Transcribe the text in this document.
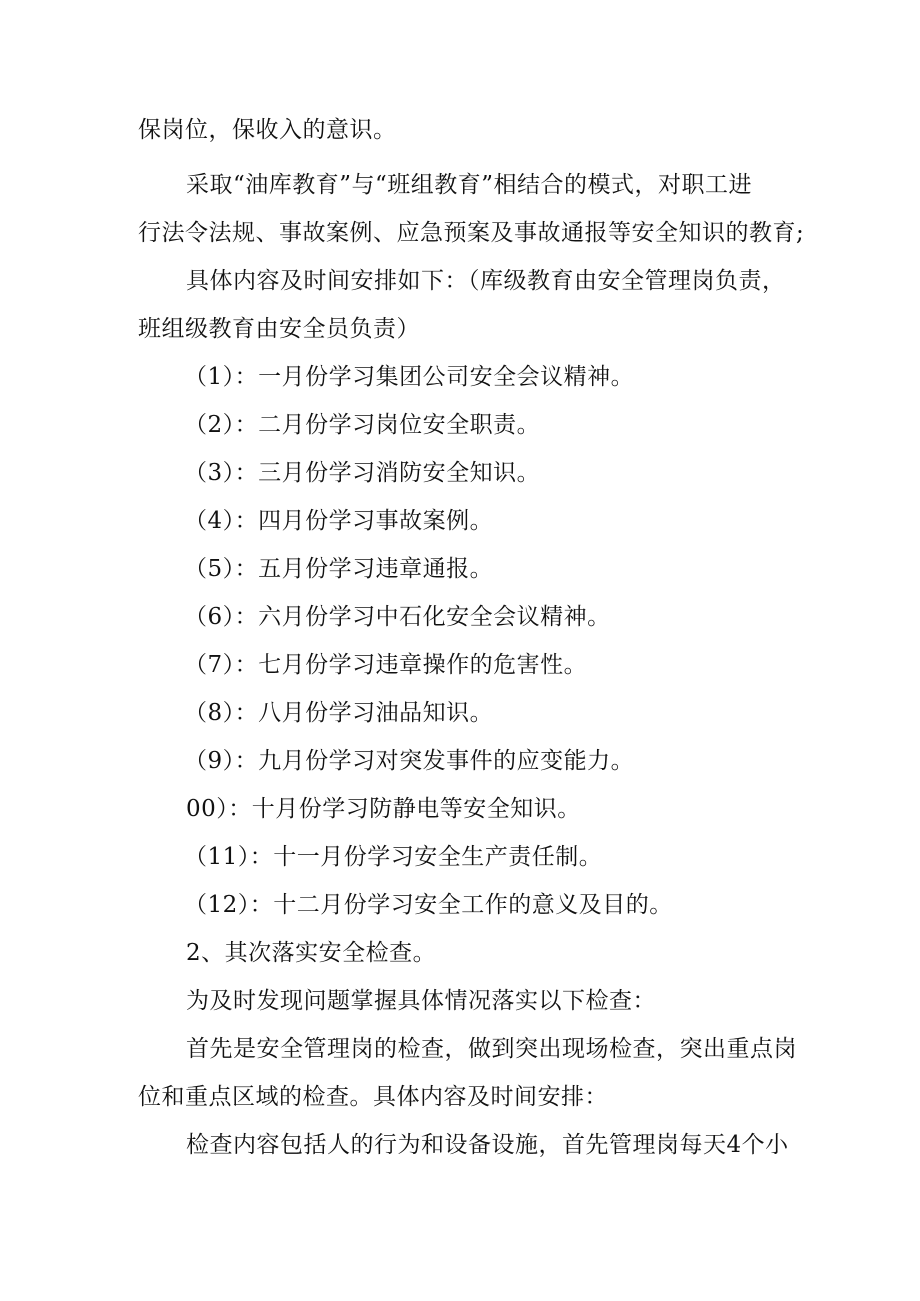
保岗位，保收入的意识。
采取“油库教育”与“班组教育”相结合的模式，对职工进
行法令法规、事故案例、应急预案及事故通报等安全知识的教育;
具体内容及时间安排如下：（库级教育由安全管理岗负责，
班组级教育由安全员负责）
（1）：一月份学习集团公司安全会议精神。
（2）：二月份学习岗位安全职责。
（3）：三月份学习消防安全知识。
（4）：四月份学习事故案例。
（5）：五月份学习违章通报。
（6）：六月份学习中石化安全会议精神。
（7）：七月份学习违章操作的危害性。
（8）：八月份学习油品知识。
（9）：九月份学习对突发事件的应变能力。
00）：十月份学习防静电等安全知识。
（11）：十一月份学习安全生产责任制。
（12）：十二月份学习安全工作的意义及目的。
2、其次落实安全检查。
为及时发现问题掌握具体情况落实以下检查：
首先是安全管理岗的检查，做到突出现场检查，突出重点岗
位和重点区域的检查。具体内容及时间安排：
检查内容包括人的行为和设备设施，首先管理岗每天4个小
